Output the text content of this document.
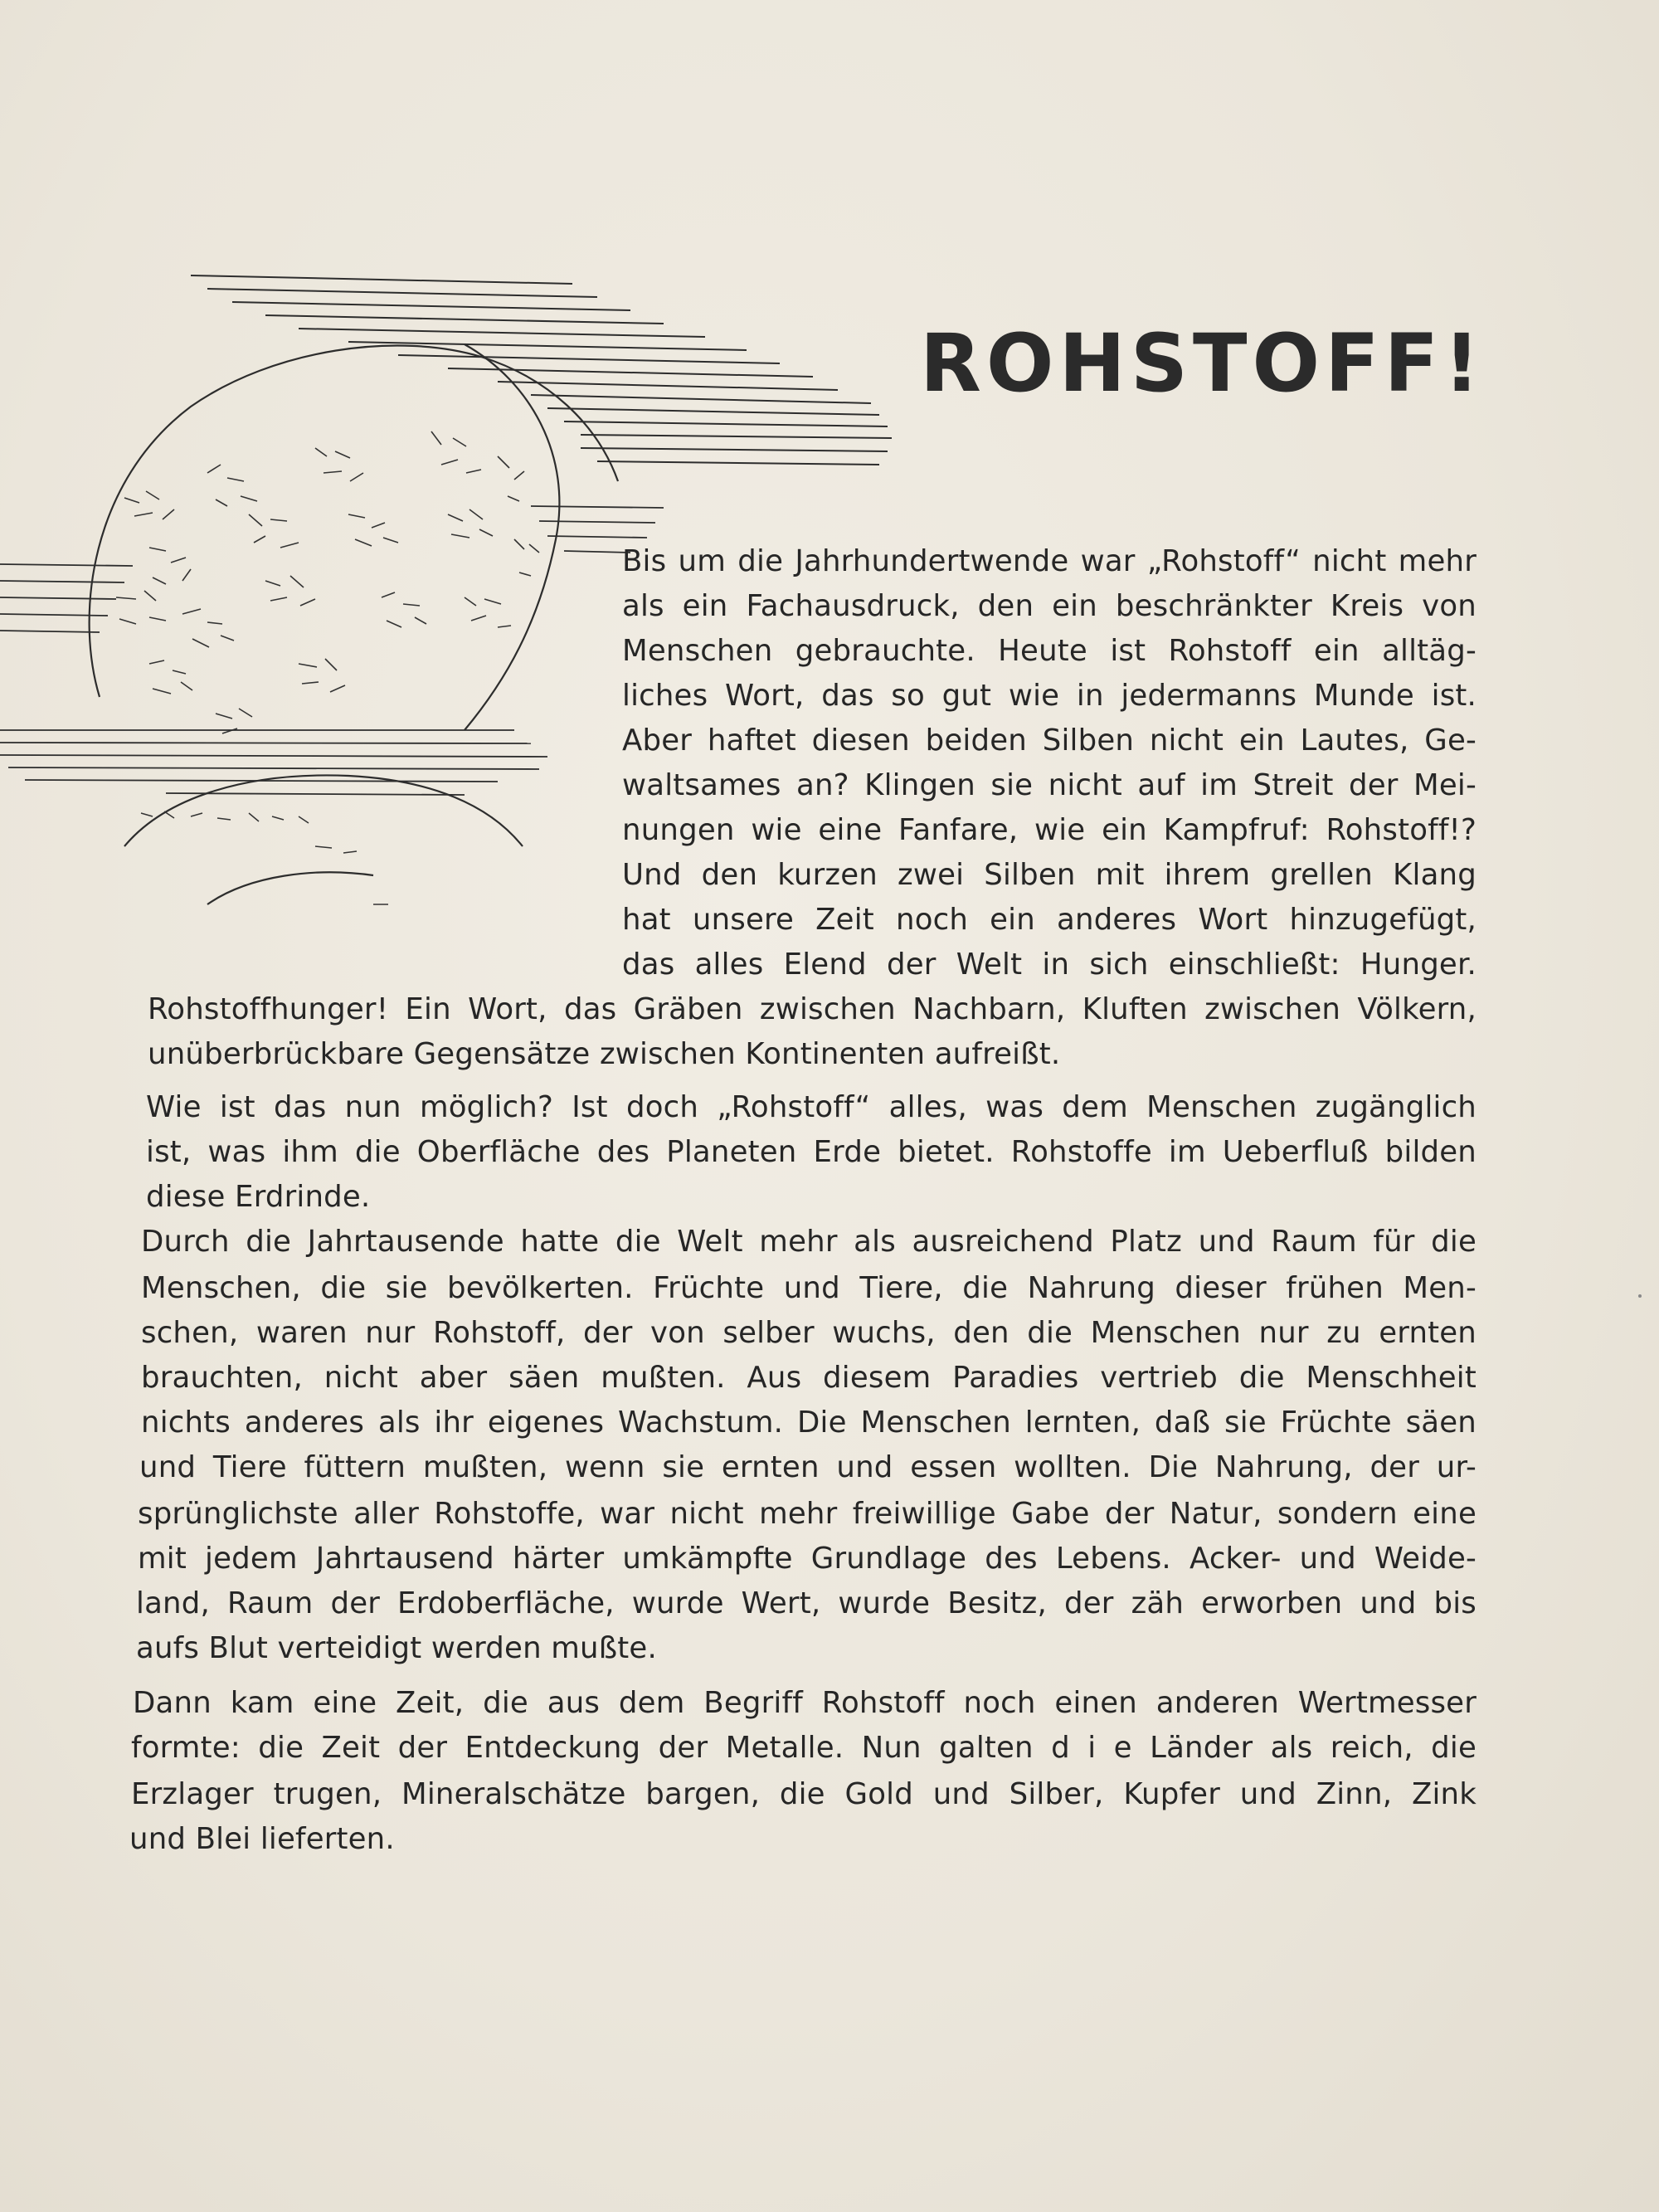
ROHSTOFF!

Bis um die Jahrhundertwende war „Rohstoff“ nicht mehr

als ein Fachausdruck, den ein beschränkter Kreis von

Menschen gebrauchte. Heute ist Rohstoff ein alltäg-

liches Wort, das so gut wie in jedermanns Munde ist.

Aber haftet diesen beiden Silben nicht ein Lautes, Ge-

waltsames an? Klingen sie nicht auf im Streit der Mei-

nungen wie eine Fanfare, wie ein Kampfruf: Rohstoff!?

Und den kurzen zwei Silben mit ihrem grellen Klang

hat unsere Zeit noch ein anderes Wort hinzugefügt,

das alles Elend der Welt in sich einschließt: Hunger.

Rohstoffhunger! Ein Wort, das Gräben zwischen Nachbarn, Kluften zwischen Völkern,

unüberbrückbare Gegensätze zwischen Kontinenten aufreißt.

Wie ist das nun möglich? Ist doch „Rohstoff“ alles, was dem Menschen zugänglich

ist, was ihm die Oberfläche des Planeten Erde bietet. Rohstoffe im Ueberfluß bilden

diese Erdrinde.

Durch die Jahrtausende hatte die Welt mehr als ausreichend Platz und Raum für die

Menschen, die sie bevölkerten. Früchte und Tiere, die Nahrung dieser frühen Men-

schen, waren nur Rohstoff, der von selber wuchs, den die Menschen nur zu ernten

brauchten, nicht aber säen mußten. Aus diesem Paradies vertrieb die Menschheit

nichts anderes als ihr eigenes Wachstum. Die Menschen lernten, daß sie Früchte säen

und Tiere füttern mußten, wenn sie ernten und essen wollten. Die Nahrung, der ur-

sprünglichste aller Rohstoffe, war nicht mehr freiwillige Gabe der Natur, sondern eine

mit jedem Jahrtausend härter umkämpfte Grundlage des Lebens. Acker- und Weide-

land, Raum der Erdoberfläche, wurde Wert, wurde Besitz, der zäh erworben und bis

aufs Blut verteidigt werden mußte.

Dann kam eine Zeit, die aus dem Begriff Rohstoff noch einen anderen Wertmesser

formte: die Zeit der Entdeckung der Metalle. Nun galten d i e Länder als reich, die

Erzlager trugen, Mineralschätze bargen, die Gold und Silber, Kupfer und Zinn, Zink

und Blei lieferten.
